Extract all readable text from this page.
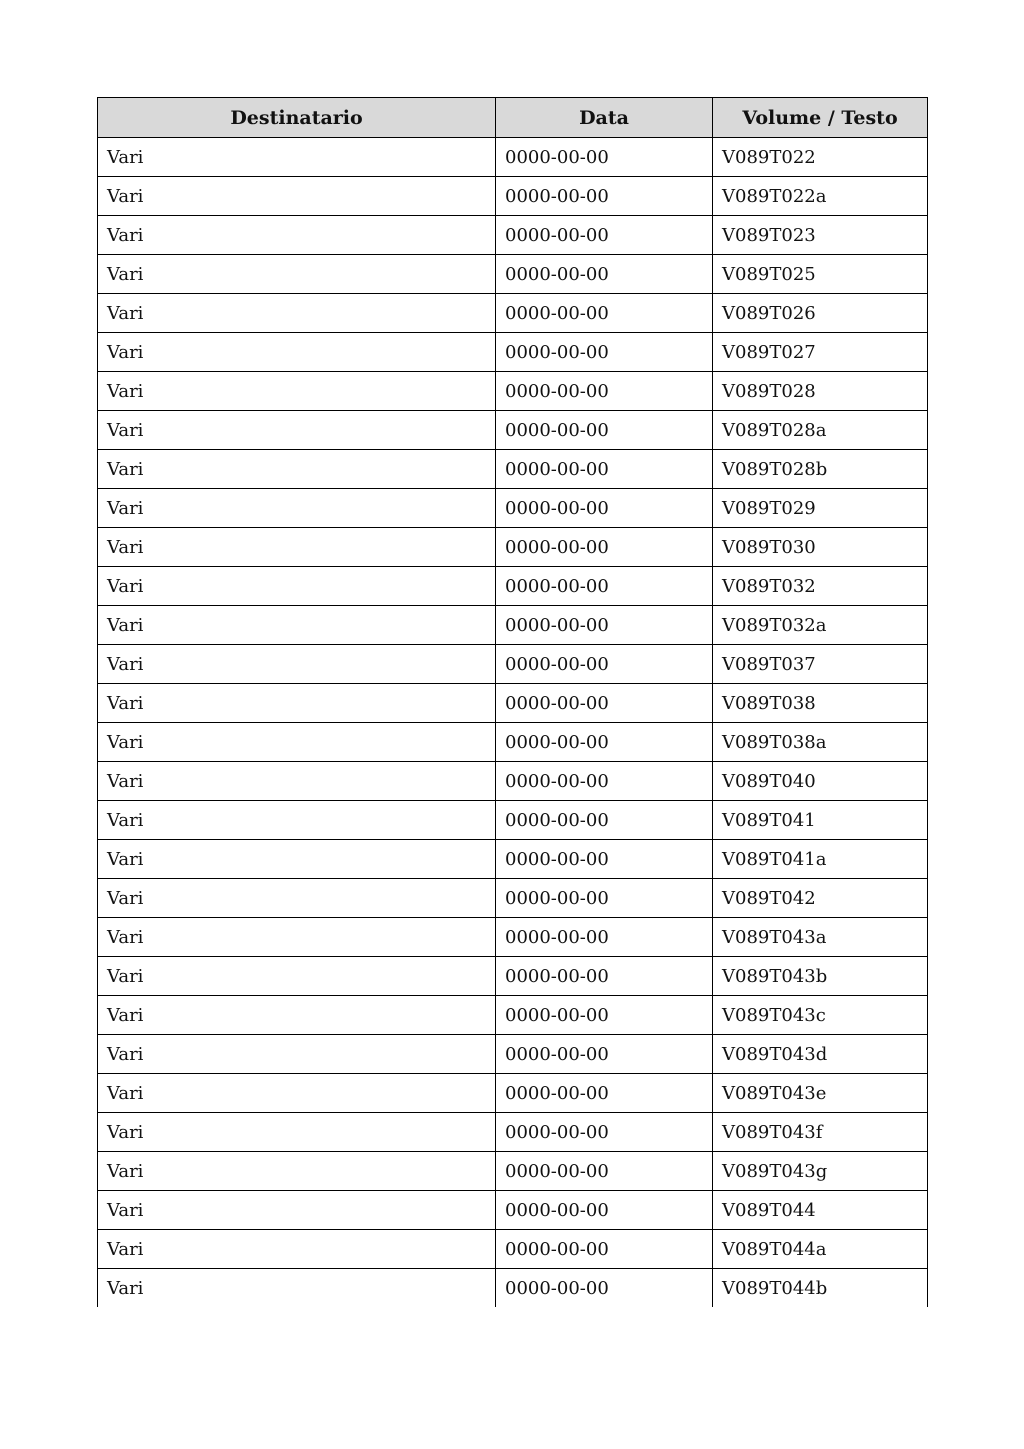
Destinatario	Data	Volume / Testo
Vari	0000-00-00	V089T022
Vari	0000-00-00	V089T022a
Vari	0000-00-00	V089T023
Vari	0000-00-00	V089T025
Vari	0000-00-00	V089T026
Vari	0000-00-00	V089T027
Vari	0000-00-00	V089T028
Vari	0000-00-00	V089T028a
Vari	0000-00-00	V089T028b
Vari	0000-00-00	V089T029
Vari	0000-00-00	V089T030
Vari	0000-00-00	V089T032
Vari	0000-00-00	V089T032a
Vari	0000-00-00	V089T037
Vari	0000-00-00	V089T038
Vari	0000-00-00	V089T038a
Vari	0000-00-00	V089T040
Vari	0000-00-00	V089T041
Vari	0000-00-00	V089T041a
Vari	0000-00-00	V089T042
Vari	0000-00-00	V089T043a
Vari	0000-00-00	V089T043b
Vari	0000-00-00	V089T043c
Vari	0000-00-00	V089T043d
Vari	0000-00-00	V089T043e
Vari	0000-00-00	V089T043f
Vari	0000-00-00	V089T043g
Vari	0000-00-00	V089T044
Vari	0000-00-00	V089T044a
Vari	0000-00-00	V089T044b
